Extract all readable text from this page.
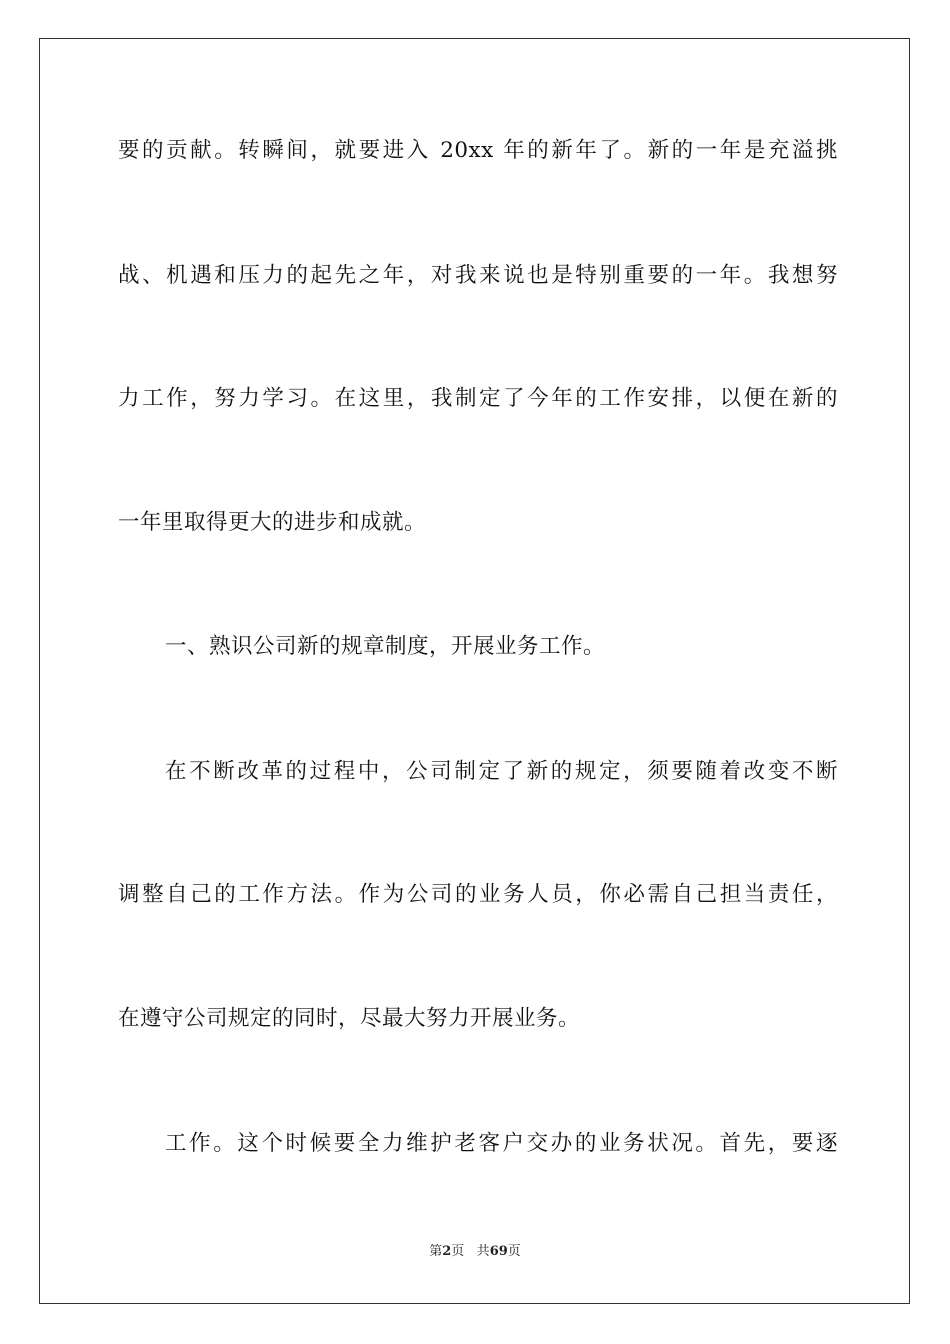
要的贡献。转瞬间，就要进入 20xx 年的新年了。新的一年是充溢挑
战、机遇和压力的起先之年，对我来说也是特别重要的一年。我想努
力工作，努力学习。在这里，我制定了今年的工作安排，以便在新的
一年里取得更大的进步和成就。
一、熟识公司新的规章制度，开展业务工作。
在不断改革的过程中，公司制定了新的规定，须要随着改变不断
调整自己的工作方法。作为公司的业务人员，你必需自己担当责任，
在遵守公司规定的同时，尽最大努力开展业务。
工作。这个时候要全力维护老客户交办的业务状况。首先，要逐
第2页 共69页
